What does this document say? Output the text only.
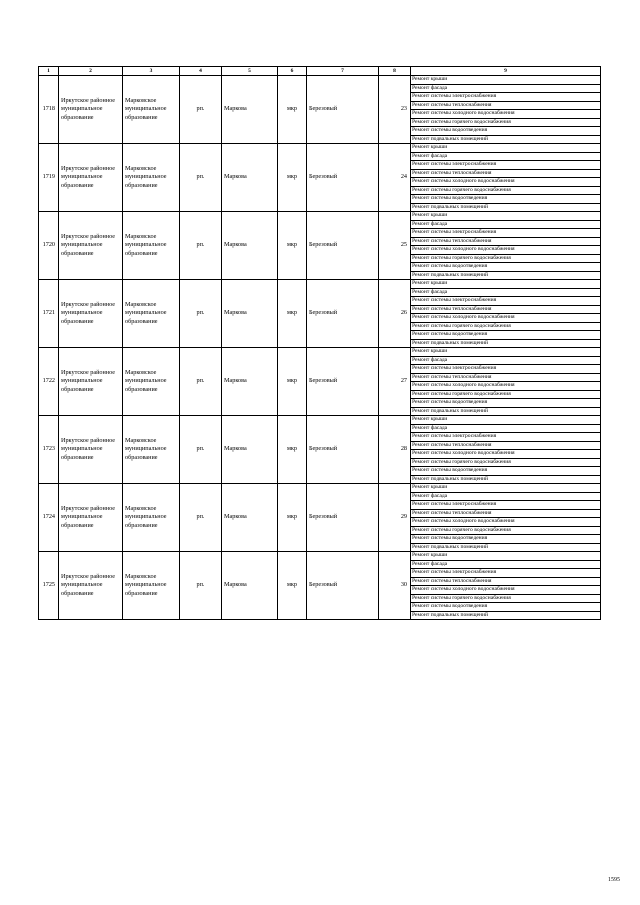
1	2	3	4	5	6	7	8	9
1718	Иркутское районное муниципальное образование	Марковское муниципальное образование	рп.	Маркова	мкр	Березовый	23	Ремонт крыши
								Ремонт фасада
								Ремонт системы электроснабжения
								Ремонт системы теплоснабжения
								Ремонт системы холодного водоснабжения
								Ремонт системы горячего водоснабжения
								Ремонт системы водоотведения
								Ремонт подвальных помещений
1719	Иркутское районное муниципальное образование	Марковское муниципальное образование	рп.	Маркова	мкр	Березовый	24	Ремонт крыши
								Ремонт фасада
								Ремонт системы электроснабжения
								Ремонт системы теплоснабжения
								Ремонт системы холодного водоснабжения
								Ремонт системы горячего водоснабжения
								Ремонт системы водоотведения
								Ремонт подвальных помещений
1720	Иркутское районное муниципальное образование	Марковское муниципальное образование	рп.	Маркова	мкр	Березовый	25	Ремонт крыши
								Ремонт фасада
								Ремонт системы электроснабжения
								Ремонт системы теплоснабжения
								Ремонт системы холодного водоснабжения
								Ремонт системы горячего водоснабжения
								Ремонт системы водоотведения
								Ремонт подвальных помещений
1721	Иркутское районное муниципальное образование	Марковское муниципальное образование	рп.	Маркова	мкр	Березовый	26	Ремонт крыши
								Ремонт фасада
								Ремонт системы электроснабжения
								Ремонт системы теплоснабжения
								Ремонт системы холодного водоснабжения
								Ремонт системы горячего водоснабжения
								Ремонт системы водоотведения
								Ремонт подвальных помещений
1722	Иркутское районное муниципальное образование	Марковское муниципальное образование	рп.	Маркова	мкр	Березовый	27	Ремонт крыши
								Ремонт фасада
								Ремонт системы электроснабжения
								Ремонт системы теплоснабжения
								Ремонт системы холодного водоснабжения
								Ремонт системы горячего водоснабжения
								Ремонт системы водоотведения
								Ремонт подвальных помещений
1723	Иркутское районное муниципальное образование	Марковское муниципальное образование	рп.	Маркова	мкр	Березовый	28	Ремонт крыши
								Ремонт фасада
								Ремонт системы электроснабжения
								Ремонт системы теплоснабжения
								Ремонт системы холодного водоснабжения
								Ремонт системы горячего водоснабжения
								Ремонт системы водоотведения
								Ремонт подвальных помещений
1724	Иркутское районное муниципальное образование	Марковское муниципальное образование	рп.	Маркова	мкр	Березовый	29	Ремонт крыши
								Ремонт фасада
								Ремонт системы электроснабжения
								Ремонт системы теплоснабжения
								Ремонт системы холодного водоснабжения
								Ремонт системы горячего водоснабжения
								Ремонт системы водоотведения
								Ремонт подвальных помещений
1725	Иркутское районное муниципальное образование	Марковское муниципальное образование	рп.	Маркова	мкр	Березовый	30	Ремонт крыши
								Ремонт фасада
								Ремонт системы электроснабжения
								Ремонт системы теплоснабжения
								Ремонт системы холодного водоснабжения
								Ремонт системы горячего водоснабжения
								Ремонт системы водоотведения
								Ремонт подвальных помещений
1595
